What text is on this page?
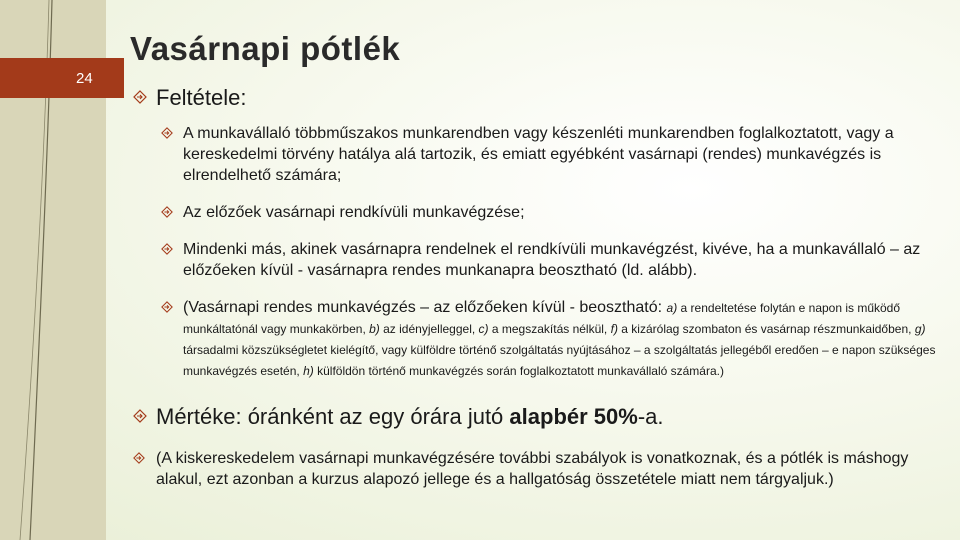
24
Vasárnapi pótlék
Feltétele:
A munkavállaló többműszakos munkarendben vagy készenléti munkarendben foglalkoztatott, vagy a kereskedelmi törvény hatálya alá tartozik, és emiatt egyébként vasárnapi (rendes) munkavégzés is elrendelhető számára;
Az előzőek vasárnapi rendkívüli munkavégzése;
Mindenki más, akinek vasárnapra rendelnek el rendkívüli munkavégzést, kivéve, ha a munkavállaló – az előzőeken kívül - vasárnapra rendes munkanapra beosztható (ld. alább).
(Vasárnapi rendes munkavégzés – az előzőeken kívül - beosztható: a) a rendeltetése folytán e napon is működő munkáltatónál vagy munkakörben, b) az idényjelleggel, c) a megszakítás nélkül, f) a kizárólag szombaton és vasárnap részmunkaidőben, g) társadalmi közszükségletet kielégítő, vagy külföldre történő szolgáltatás nyújtásához – a szolgáltatás jellegéből eredően – e napon szükséges munkavégzés esetén, h) külföldön történő munkavégzés során foglalkoztatott munkavállaló számára.)
Mértéke: óránként az egy órára jutó alapbér 50%-a.
(A kiskereskedelem vasárnapi munkavégzésére további szabályok is vonatkoznak, és a pótlék is máshogy alakul, ezt azonban a kurzus alapozó jellege és a hallgatóság összetétele miatt nem tárgyaljuk.)
